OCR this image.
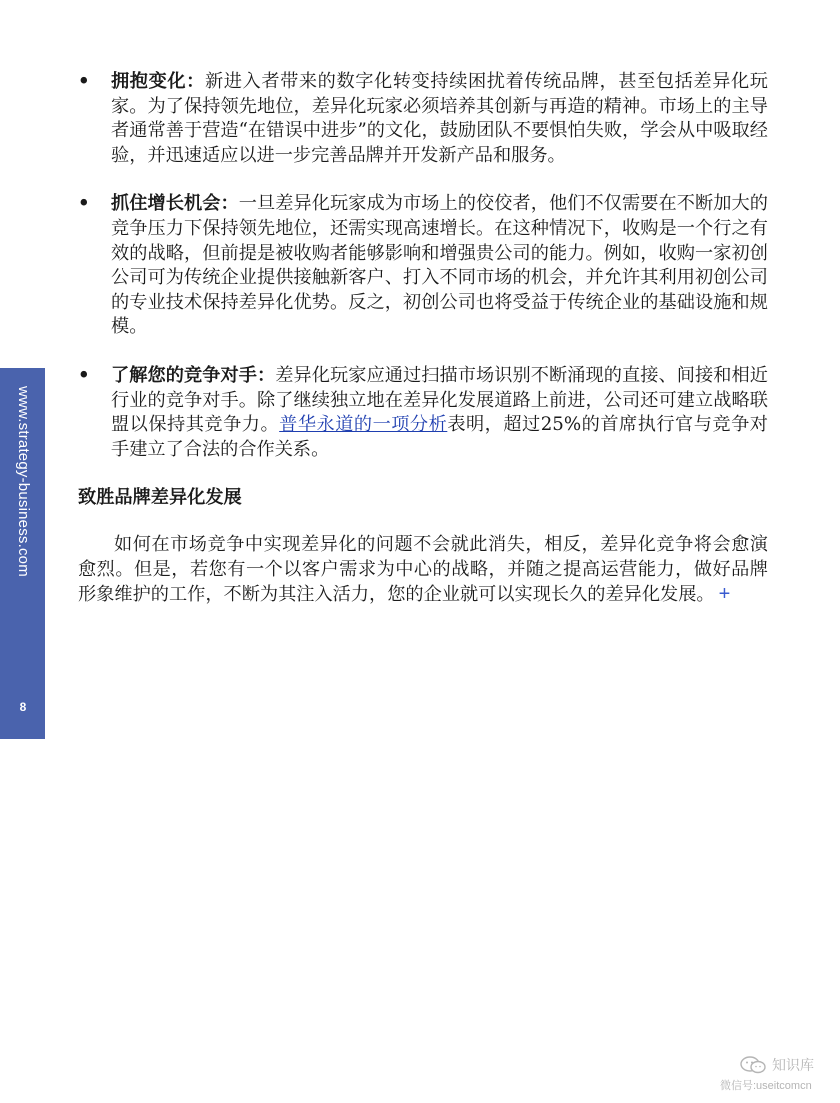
www.strategy-business.com
8
• 拥抱变化：新进入者带来的数字化转变持续困扰着传统品牌，甚至包括差异化玩家。为了保持领先地位，差异化玩家必须培养其创新与再造的精神。市场上的主导者通常善于营造“在错误中进步”的文化，鼓励团队不要惧怕失败，学会从中吸取经验，并迅速适应以进一步完善品牌并开发新产品和服务。
• 抓住增长机会：一旦差异化玩家成为市场上的佼佼者，他们不仅需要在不断加大的竞争压力下保持领先地位，还需实现高速增长。在这种情况下，收购是一个行之有效的战略，但前提是被收购者能够影响和增强贵公司的能力。例如，收购一家初创公司可为传统企业提供接触新客户、打入不同市场的机会，并允许其利用初创公司的专业技术保持差异化优势。反之，初创公司也将受益于传统企业的基础设施和规模。
• 了解您的竞争对手：差异化玩家应通过扫描市场识别不断涌现的直接、间接和相近行业的竞争对手。除了继续独立地在差异化发展道路上前进，公司还可建立战略联盟以保持其竞争力。普华永道的一项分析表明，超过25%的首席执行官与竞争对手建立了合法的合作关系。
致胜品牌差异化发展
如何在市场竞争中实现差异化的问题不会就此消失，相反，差异化竞争将会愈演愈烈。但是，若您有一个以客户需求为中心的战略，并随之提高运营能力，做好品牌形象维护的工作，不断为其注入活力，您的企业就可以实现长久的差异化发展。 +
知识库
微信号:useitcomcn
